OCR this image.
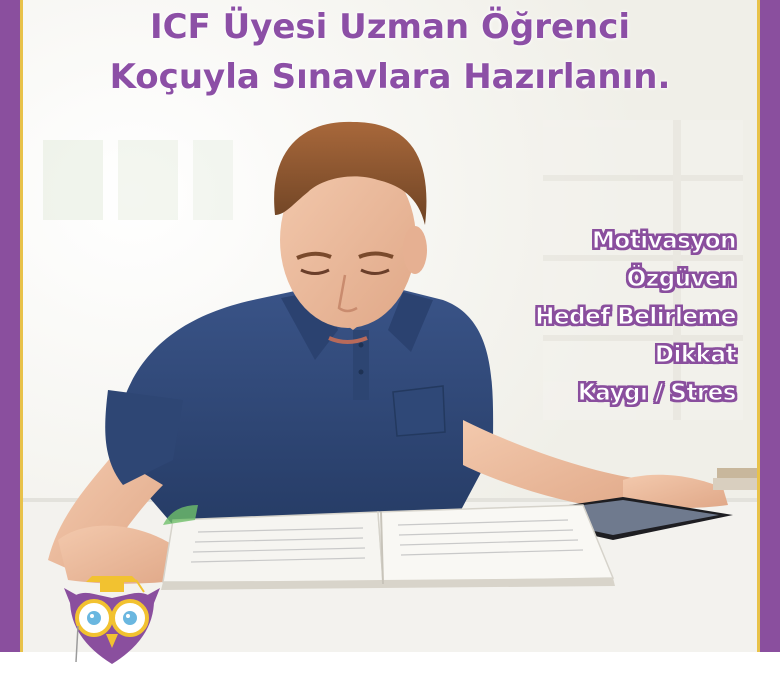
ICF Üyesi Uzman Öğrenci
Koçuyla Sınavlara Hazırlanın.
Motivasyon
Özgüven
Hedef Belirleme
Dikkat
Kaygı / Stres
